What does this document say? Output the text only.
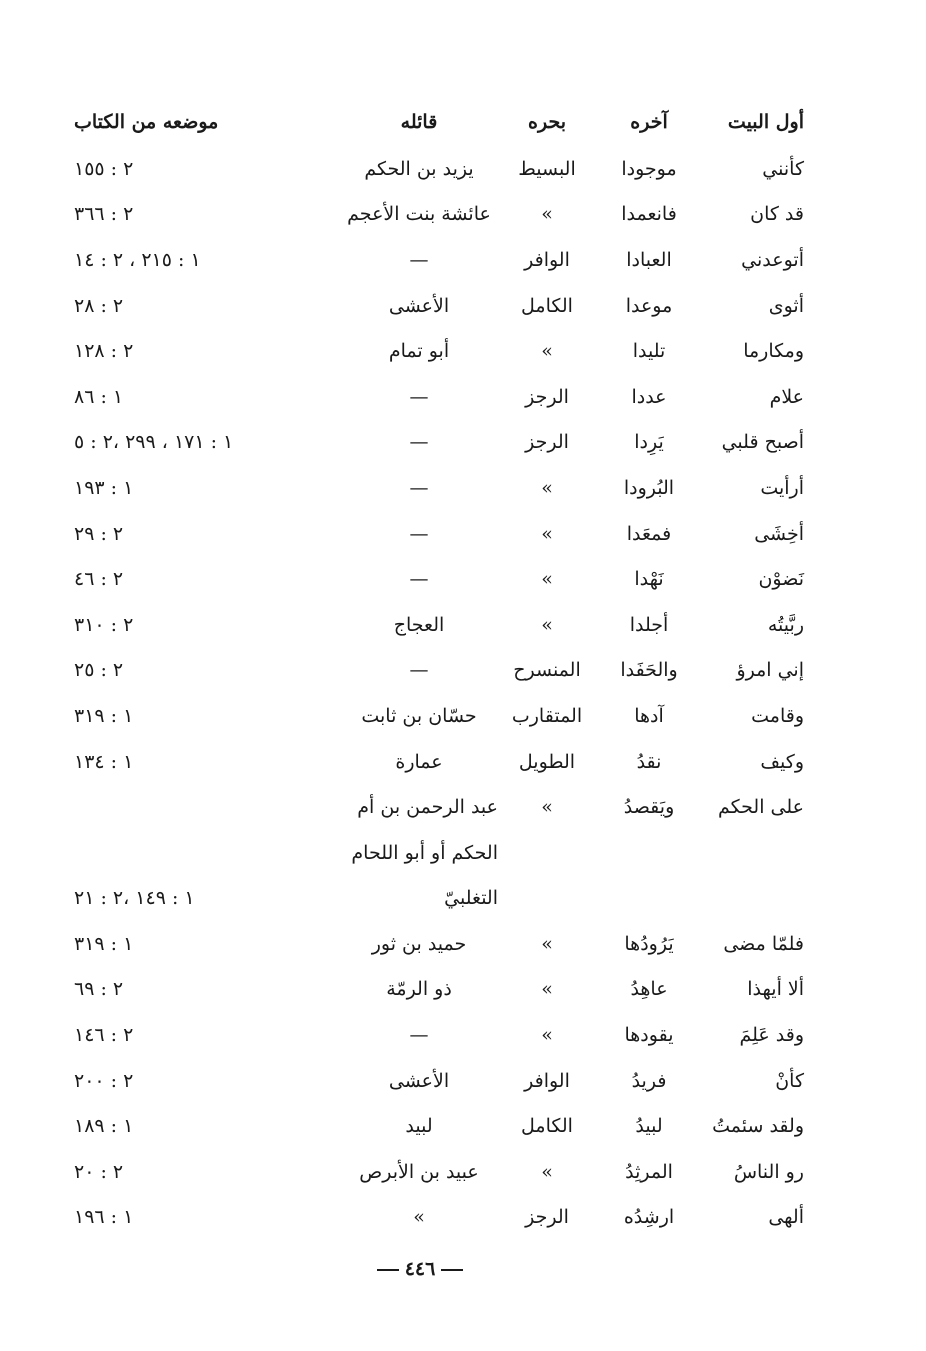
أول البيت	آخره	بحره	قائله	موضعه من الكتاب
كأنني	موجودا	البسيط	يزيد بن الحكم	٢ : ١٥٥
قد كان	فانعمدا	»	عائشة بنت الأعجم	٢ : ٣٦٦
أتوعدني	العبادا	الوافر	—	١ : ٢١٥ ، ٢ : ١٤
أثوى	موعدا	الكامل	الأعشى	٢ : ٢٨
ومكارما	تليدا	»	أبو تمام	٢ : ١٢٨
علام	عددا	الرجز	—	١ : ٨٦
أصبح قلبي	يَرِدا	الرجز	—	١ : ١٧١ ، ٢٩٩ ،٢ : ٥
أرأيت	البُرودا	»	—	١ : ١٩٣
أخِشَى	فمعَدا	»	—	٢ : ٢٩
نَضوْن	نَهْدا	»	—	٢ : ٤٦
ربَّيتُه	أجلدا	»	العجاج	٢ : ٣١٠
إني امرؤ	والحَفَدا	المنسرح	—	٢ : ٢٥
وقامت	آدها	المتقارب	حسّان بن ثابت	١ : ٣١٩
وكيف	نقدُ	الطويل	عمارة	١ : ١٣٤
على الحكم	ويَقصدُ	»	عبد الرحمن بن أم	
			الحكم أو أبو اللحام	
			التغلبيّ	١ : ١٤٩ ،٢ : ٢١
فلمّا مضى	يَرُودُها	»	حميد بن ثور	١ : ٣١٩
ألا أيهذا	عاهِدُ	»	ذو الرمّة	٢ : ٦٩
وقد عَلِمَ	يقودها	»	—	٢ : ١٤٦
كأنْ	فريدُ	الوافر	الأعشى	٢ : ٢٠٠
ولقد سئمتُ	لبيدُ	الكامل	لبيد	١ : ١٨٩
رو الناسُ	المرثِدُ	»	عبيد بن الأبرص	٢ : ٢٠
ألهى	ارشِدُه	الرجز	»	١ : ١٩٦
٤٤٦
